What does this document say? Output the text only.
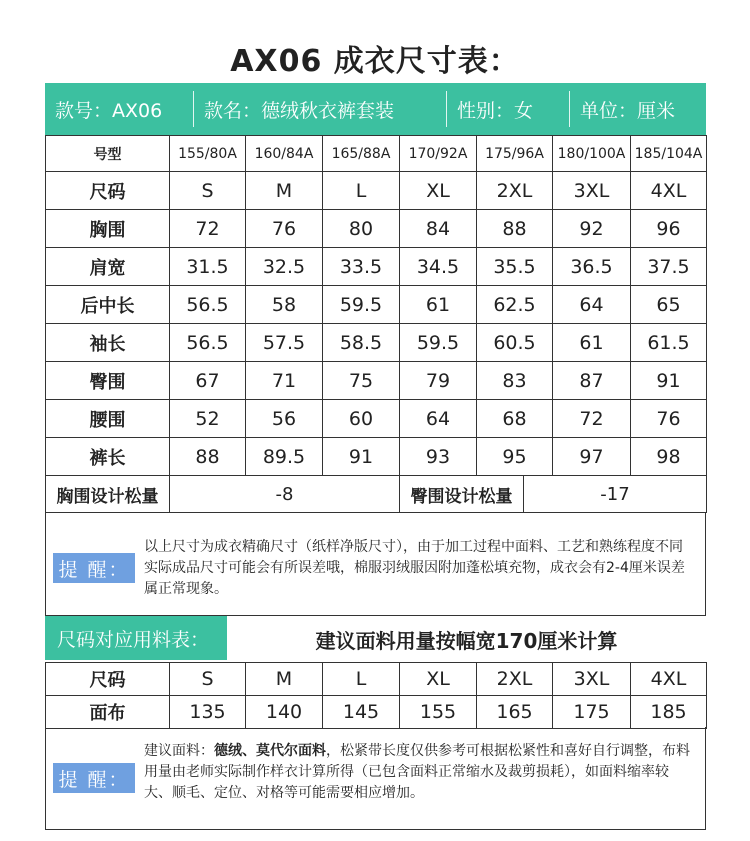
AX06 成衣尺寸表：
款号：AX06	款名：德绒秋衣裤套装	性别：女	单位：厘米
号型	155/80A	160/84A	165/88A	170/92A	175/96A	180/100A	185/104A
尺码	S	M	L	XL	2XL	3XL	4XL
胸围	72	76	80	84	88	92	96
肩宽	31.5	32.5	33.5	34.5	35.5	36.5	37.5
后中长	56.5	58	59.5	61	62.5	64	65
袖长	56.5	57.5	58.5	59.5	60.5	61	61.5
臀围	67	71	75	79	83	87	91
腰围	52	56	60	64	68	72	76
裤长	88	89.5	91	93	95	97	98
胸围设计松量	-8	臀围设计松量	-17
提 醒：
以上尺寸为成衣精确尺寸（纸样净版尺寸），由于加工过程中面料、工艺和熟练程度不同实际成品尺寸可能会有所误差哦，棉服羽绒服因附加蓬松填充物，成衣会有2-4厘米误差属正常现象。
尺码对应用料表：	建议面料用量按幅宽170厘米计算
尺码	S	M	L	XL	2XL	3XL	4XL
面布	135	140	145	155	165	175	185
提 醒：
建议面料：德绒、莫代尔面料，松紧带长度仅供参考可根据松紧性和喜好自行调整，布料用量由老师实际制作样衣计算所得（已包含面料正常缩水及裁剪损耗），如面料缩率较大、顺毛、定位、对格等可能需要相应增加。
